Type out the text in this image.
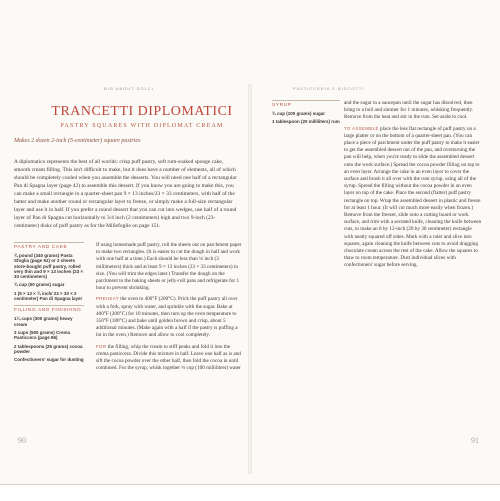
BIG ABOUT DOLCI	PASTICCERIA E BISCOTTI
TRANCETTI DIPLOMATICI
PASTRY SQUARES WITH DIPLOMAT CREAM
Makes 2 dozen 2-inch (5-centimeter) square pastries

A diplomatico represents the best of all worlds: crisp puff pastry, soft rum-soaked sponge cake, smooth cream filling. This isn't difficult to make, but it does have a number of elements, all of which should be completely cooled when you assemble the desserts. You will need one half of a rectangular Pan di Spagna layer (page 42) to assemble this dessert. If you know you are going to make this, you can make a small rectangle in a quarter-sheet pan 9 × 13 inches/23 × 33 centimeters, with half of the batter and make another round or rectangular layer to freeze, or simply make a full-size rectangular layer and use it in half. If you prefer a round dessert that you can cut into wedges, use half of a round layer of Pan di Spagna cut horizontally to 3/4 inch (2 centimeters) high and two 9-inch (23-centimeter) disks of puff pastry as for the Millefoglie on page 151.

PASTRY AND CAKE

¾ pound (340 grams) Pasta Sfoglia (page 52) or 2 sheets store-bought puff pastry, rolled very thin and 9 × 13 inches (23 × 33 centimeters)

¾ cup (50 grams) sugar

1 (9 × 13 × ¾ inch/ 23 × 33 × 2 centimeter) Pan di Spagna layer

FILLING AND FINISHING

1¼ cups (300 grams) heavy cream

2 cups (500 grams) Crema Pasticcera (page 86)

2 tablespoons (25 grams) cocoa powder

Confectioners' sugar for dusting

If using homemade puff pastry, roll the sheets out on parchment paper to make two rectangles. (It is easier to cut the dough in half and work with one half at a time.) Each should be less than ⅛ inch (3 millimeters) thick and at least 9 × 13 inches (23 × 33 centimeters) in size. (You will trim the edges later.) Transfer the dough on the parchment to the baking sheets or jelly-roll pans and refrigerate for 1 hour to prevent shrinking.

PREHEAT the oven to 400°F (200°C). Prick the puff pastry all over with a fork, spray with water, and sprinkle with the sugar. Bake at 400°F (200°C) for 10 minutes, then turn up the oven temperature to 350°F (180°C) and bake until golden brown and crisp, about 5 additional minutes. (Make again with a half if the pastry is puffing a lot in the oven.) Remove and allow to cool completely.

FOR the filling, whip the cream to stiff peaks and fold it into the crema pasticcera. Divide this mixture in half. Leave one half as is and sift the cocoa powder over the other half, then fold the cocoa in until combined. For the syrup, whisk together ⅓ cup (100 milliliters) water

90
SYRUP

¾ cup (100 grams) sugar

1 tablespoon (20 milliliters) rum

and the sugar in a saucepan until the sugar has dissolved, then bring to a boil and simmer for 1 minutes, whisking frequently. Remove from the heat and stir in the rum. Set aside to cool.

TO ASSEMBLE place the less flat rectangle of puff pastry on a large platter or on the bottom of a quarter-sheet pan. (You can place a piece of parchment under the puff pastry to make it easier to get the assembled dessert out of the pan, and overturning the pan will help, when you're ready to slide the assembled dessert onto the work surface.) Spread the cocoa powder filling on top to an even layer. Arrange the cake in an even layer to cover the surface and brush it all over with the rum syrup, using all of the syrup. Spread the filling without the cocoa powder in an even layer on top of the cake. Place the second (flatter) puff pastry rectangle on top. Wrap the assembled dessert in plastic and freeze for at least 1 hour. (It will cut much more easily when frozen.) Remove from the freezer, slide onto a cutting board or work surface, and trim with a serrated knife, cleaning the knife between cuts, to make an 8 by 12-inch (20 by 30 centimeter) rectangle with neatly squared off sides. Mark with a ruler and slice into squares, again cleaning the knife between cuts to avoid dragging chocolate cream across the rest of the cake. Allow the squares to thaw to room temperature. Dust individual slices with confectioners' sugar before serving.

91
